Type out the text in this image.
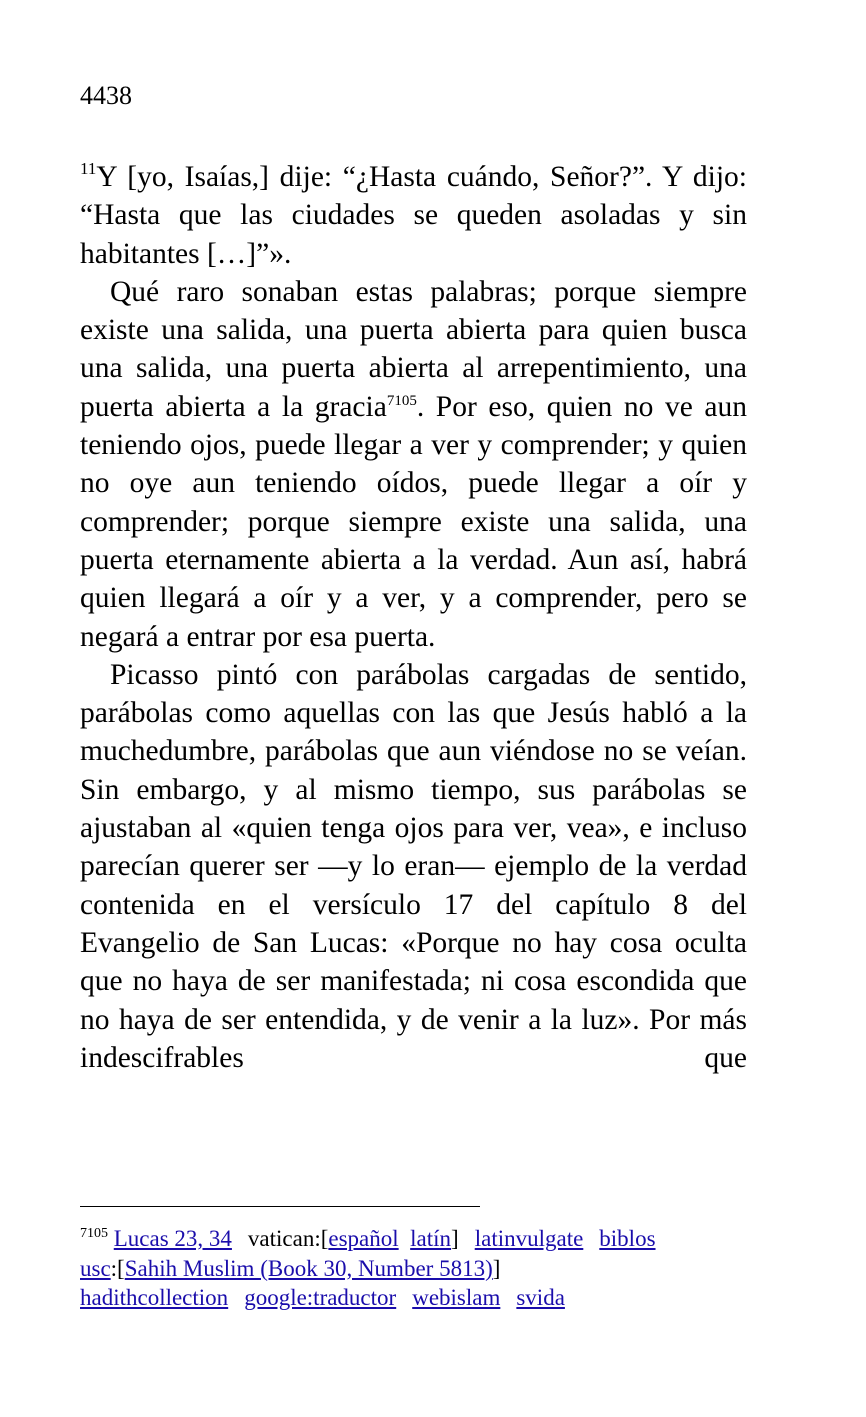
4438

$^{11}$Y [yo, Isaías,] dije: “¿Hasta cuándo, Señor?”. Y dijo: “Hasta que las ciudades se queden asoladas y sin habitantes […]”».

Qué raro sonaban estas palabras; porque siempre existe una salida, una puerta abierta para quien busca una salida, una puerta abierta al arrepentimiento, una puerta abierta a la gracia$^{7105}$. Por eso, quien no ve aun teniendo ojos, puede llegar a ver y comprender; y quien no oye aun teniendo oídos, puede llegar a oír y comprender; porque siempre existe una salida, una puerta eternamente abierta a la verdad. Aun así, habrá quien llegará a oír y a ver, y a comprender, pero se negará a entrar por esa puerta.

Picasso pintó con parábolas cargadas de sentido, parábolas como aquellas con las que Jesús habló a la muchedumbre, parábolas que aun viéndose no se veían. Sin embargo, y al mismo tiempo, sus parábolas se ajustaban al «quien tenga ojos para ver, vea», e incluso parecían querer ser —y lo eran— ejemplo de la verdad contenida en el versículo 17 del capítulo 8 del Evangelio de San Lucas: «Porque no hay cosa oculta que no haya de ser manifestada; ni cosa escondida que no haya de ser entendida, y de venir a la luz». Por más indescifrables que

$^{7105}$ Lucas 23, 34 vatican:[español latín] latinvulgate biblos
usc:[Sahih Muslim (Book 30, Number 5813)]
hadithcollection google:traductor webislam svida
